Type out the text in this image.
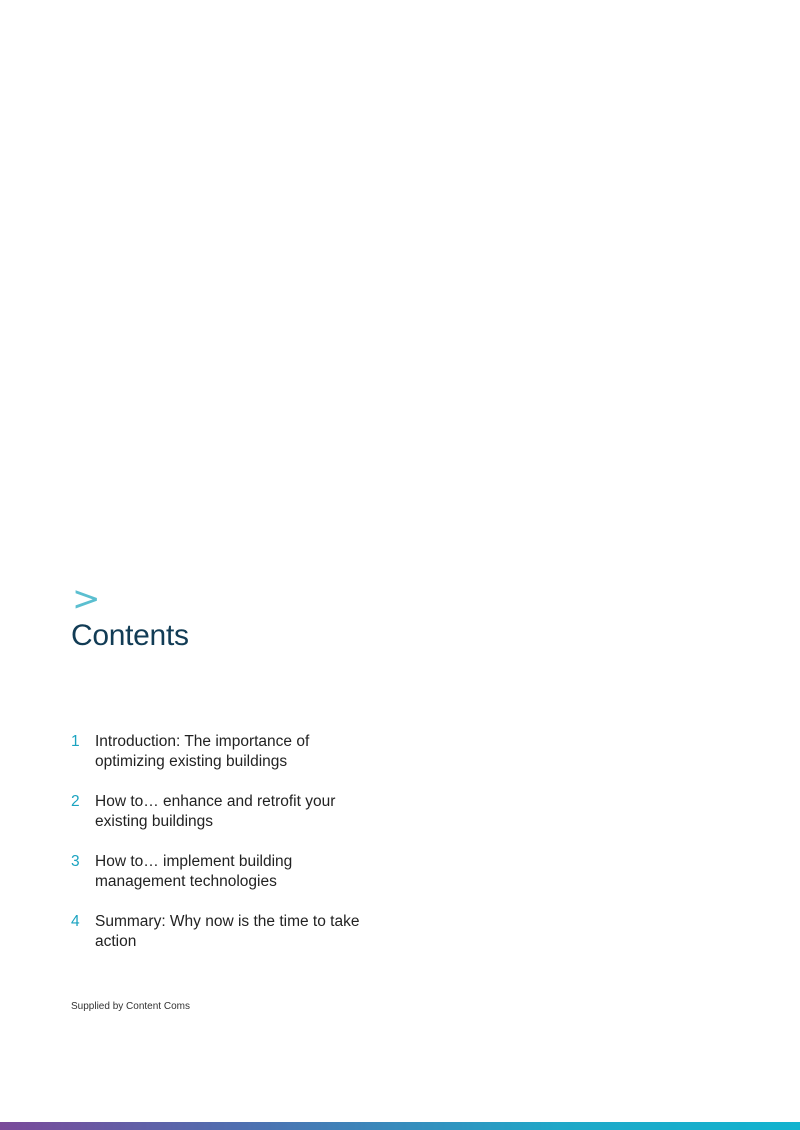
>
Contents
1 Introduction: The importance of optimizing existing buildings
2 How to… enhance and retrofit your existing buildings
3 How to… implement building management technologies
4 Summary: Why now is the time to take action
Supplied by Content Coms
